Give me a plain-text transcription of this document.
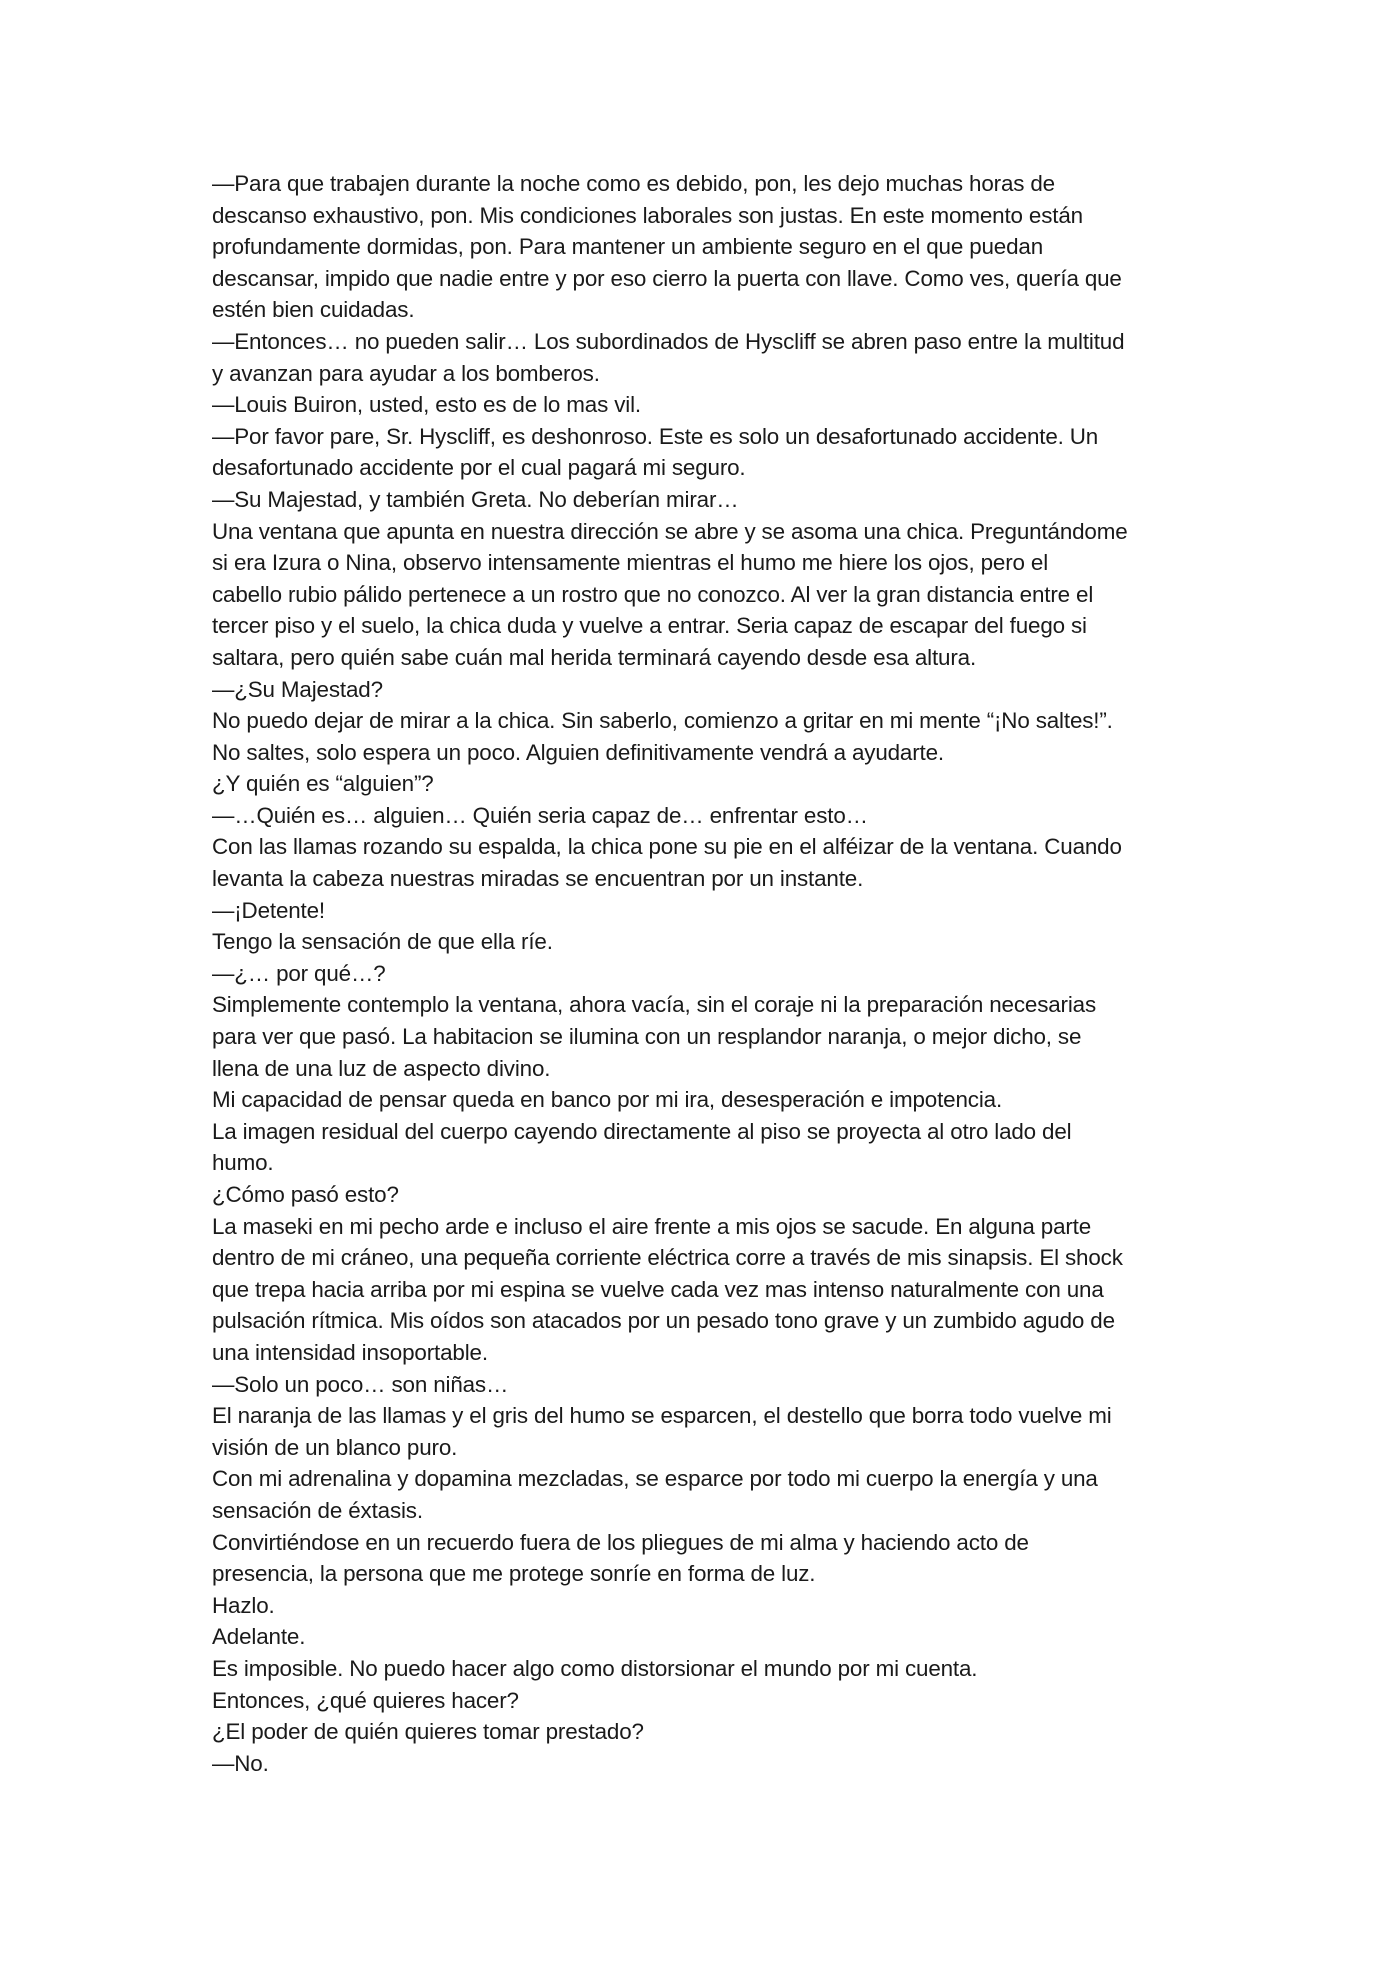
—Para que trabajen durante la noche como es debido, pon, les dejo muchas horas de
descanso exhaustivo, pon. Mis condiciones laborales son justas. En este momento están
profundamente dormidas, pon. Para mantener un ambiente seguro en el que puedan
descansar, impido que nadie entre y por eso cierro la puerta con llave. Como ves, quería que
estén bien cuidadas.
—Entonces… no pueden salir… Los subordinados de Hyscliff se abren paso entre la multitud
y avanzan para ayudar a los bomberos.
—Louis Buiron, usted, esto es de lo mas vil.
—Por favor pare, Sr. Hyscliff, es deshonroso. Este es solo un desafortunado accidente. Un
desafortunado accidente por el cual pagará mi seguro.
—Su Majestad, y también Greta. No deberían mirar…
Una ventana que apunta en nuestra dirección se abre y se asoma una chica. Preguntándome
si era Izura o Nina, observo intensamente mientras el humo me hiere los ojos, pero el
cabello rubio pálido pertenece a un rostro que no conozco. Al ver la gran distancia entre el
tercer piso y el suelo, la chica duda y vuelve a entrar. Seria capaz de escapar del fuego si
saltara, pero quién sabe cuán mal herida terminará cayendo desde esa altura.
—¿Su Majestad?
No puedo dejar de mirar a la chica. Sin saberlo, comienzo a gritar en mi mente “¡No saltes!”.
No saltes, solo espera un poco. Alguien definitivamente vendrá a ayudarte.
¿Y quién es “alguien”?
—…Quién es… alguien… Quién seria capaz de… enfrentar esto…
Con las llamas rozando su espalda, la chica pone su pie en el alféizar de la ventana. Cuando
levanta la cabeza nuestras miradas se encuentran por un instante.
—¡Detente!
Tengo la sensación de que ella ríe.
—¿… por qué…?
Simplemente contemplo la ventana, ahora vacía, sin el coraje ni la preparación necesarias
para ver que pasó. La habitacion se ilumina con un resplandor naranja, o mejor dicho, se
llena de una luz de aspecto divino.
Mi capacidad de pensar queda en banco por mi ira, desesperación e impotencia.
La imagen residual del cuerpo cayendo directamente al piso se proyecta al otro lado del
humo.
¿Cómo pasó esto?
La maseki en mi pecho arde e incluso el aire frente a mis ojos se sacude. En alguna parte
dentro de mi cráneo, una pequeña corriente eléctrica corre a través de mis sinapsis. El shock
que trepa hacia arriba por mi espina se vuelve cada vez mas intenso naturalmente con una
pulsación rítmica. Mis oídos son atacados por un pesado tono grave y un zumbido agudo de
una intensidad insoportable.
—Solo un poco… son niñas…
El naranja de las llamas y el gris del humo se esparcen, el destello que borra todo vuelve mi
visión de un blanco puro.
Con mi adrenalina y dopamina mezcladas, se esparce por todo mi cuerpo la energía y una
sensación de éxtasis.
Convirtiéndose en un recuerdo fuera de los pliegues de mi alma y haciendo acto de
presencia, la persona que me protege sonríe en forma de luz.
Hazlo.
Adelante.
Es imposible. No puedo hacer algo como distorsionar el mundo por mi cuenta.
Entonces, ¿qué quieres hacer?
¿El poder de quién quieres tomar prestado?
—No.
